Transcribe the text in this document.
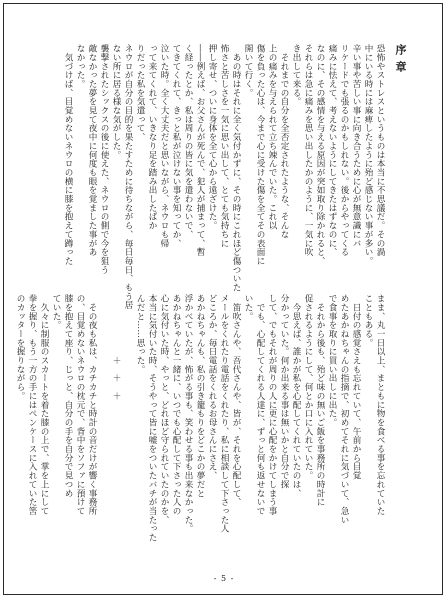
序章
恐怖やストレスというものは本当に不思議だ。その渦
中にいる時には麻痺したように殆ど感じない事が多い。
辛い事や苦しい事に向き合うために心が無意識にバ
リケードでも張るのかもしれない。後からやってくる
痛みに怯えて、考えないようにしてきたはずなのに、
なのに、その感情を与える原因が突如取り除かれると、
それらは急に痛みを思い出したかのように、一気に吹
き出して来る。
　それまでの自分を全否定されたような、そんな
上の痛みを与えられて立ち竦んでいた。これ以
傷を負った心は、今まで心に受けた傷を全てその表面に
開いて行く。
　あの時はそれに全く気付かずに、その時にこれほど傷ついた
怖さと苦しさを一気に思い出して、とても気持ちに
押し寄せ、ついに身体を全て心から遠ざけた。
――例えば、お父さんが死んで、犯人が捕まって、暫
く経ったとか、私は周りの皆に気を遣わないで、
てきてくれて、きっと私が泣けない事を知ってか、
泣いた時。全く大丈夫だと思いながら、ネウロも帰
って来てくれて、いきなり足を踏み出したばか
りだった私を気遣って、
ネウロが自分の目的を果たすために待ちながら、毎日毎日、もう居
ない所に居る様な気がした。
襲撃されたシックスの後に使えた、ネウロの側で今を狙う
敵なかった夢を見て夜中に何度も眼を覚ました事があ
なかった。
　気づけば、目覚めないネウロの横に膝を抱えて蹲った
まま、丸一日以上、まともに物を食べる事を忘れていた
こともある。
　日付の感覚さえも忘れていて、午前から目覚
めたあかねちゃんの指摘で、初めてそれに気づいて、急い
で食事を取りに買い出しに出た。
　それから後も、殆ど味の無いご飯を事務所の時計に
促されるようにして、何とか口に入れていた。
　今思えば、誰かが私を心配してくれていたのは、
分かっていた。何か出来る事は無いかと自分で探
して、でもそれが周りの人に更に心配をかけてしまう事
　でも、心配してくれる人達に、ずっと何も返せないで
いた。
　笛吹さんや、吾代さんや、皆が、それを心配して、
メールをくれたり電話をくれたり、私に相談して下さった人
どころか、毎日電話をくれるお母さんにさえ、
あかねちゃんも、私の引き籠もりをどこかの夢だと
浮かべていたが、怖がる事も、笑わせる事も出来なかった。
あかねちゃんと一緒に、いつでも心配して下さった人の
心に気付いた時、やっと、どれほど守られていたのかを、
本当に気付いた時、そうやって皆に嘘をついたバチが当たった
んだと……思った。

　　　　　　　＋　＋　＋

　その夜も私は、カチカチと時計の音だけが響く事務所
の、目覚めないネウロの枕元で、背中をソファに預けて
膝を抱えて座り、じっと、自分の手を自分で見つめ
ていた。
　久々に制服のスカートを着た膝の上で、掌を上にして
拳を握り、もう一方の手にはペンケースに入れていた筈
のカッターを握りながら。
- 5 -
